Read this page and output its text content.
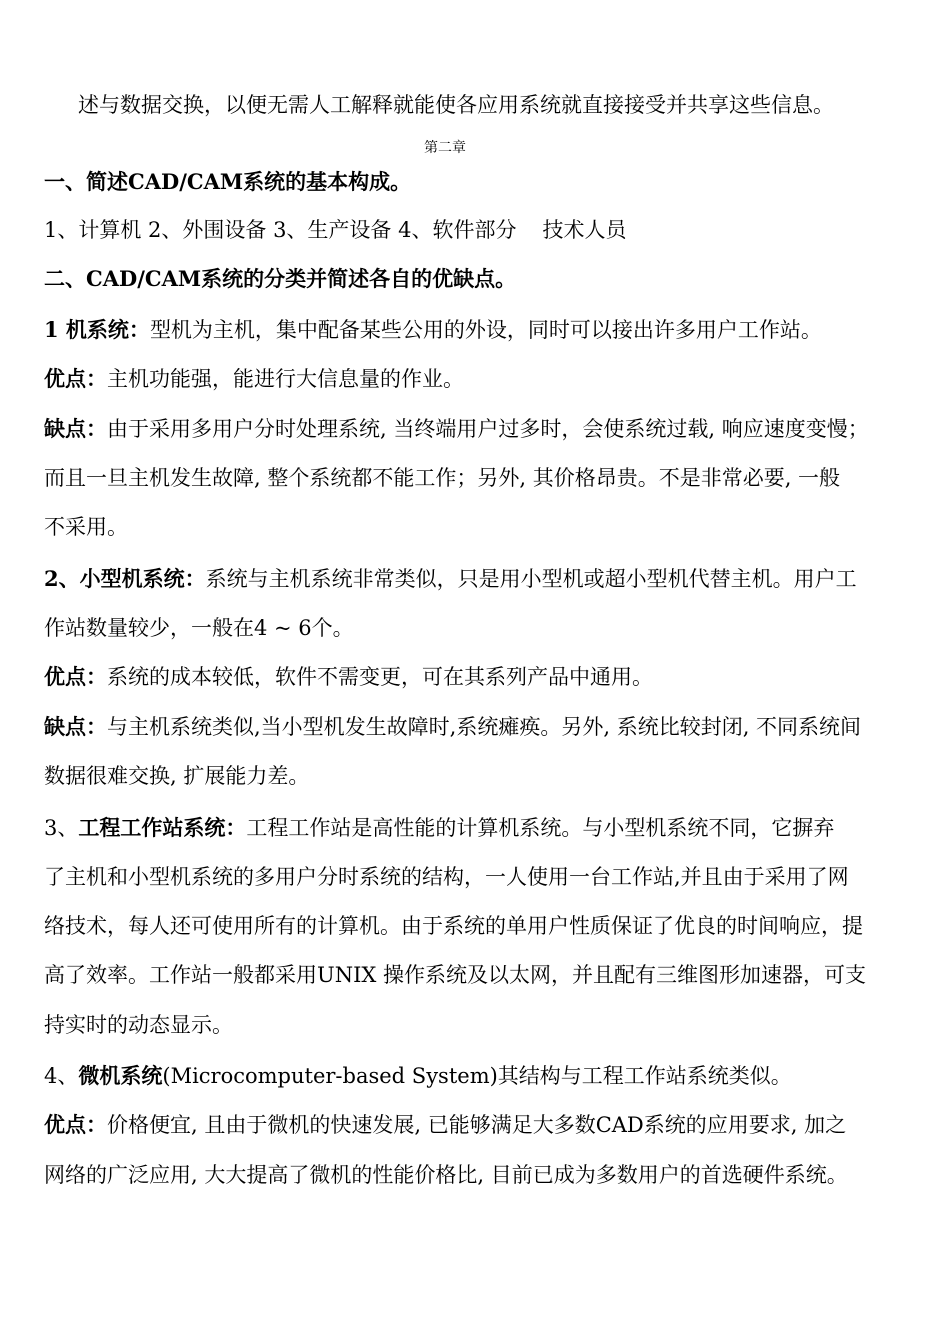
述与数据交换，以便无需人工解释就能使各应用系统就直接接受并共享这些信息。
第二章
一、简述CAD/CAM系统的基本构成。
1、计算机 2、外围设备 3、生产设备 4、软件部分 技术人员
二、CAD/CAM系统的分类并简述各自的优缺点。
1 机系统：型机为主机，集中配备某些公用的外设，同时可以接出许多用户工作站。
优点：主机功能强，能进行大信息量的作业。
缺点：由于采用多用户分时处理系统, 当终端用户过多时，会使系统过载, 响应速度变慢；
而且一旦主机发生故障, 整个系统都不能工作；另外, 其价格昂贵。不是非常必要, 一般
不采用。
2、小型机系统：系统与主机系统非常类似，只是用小型机或超小型机代替主机。用户工
作站数量较少，一般在4 ~ 6个。
优点：系统的成本较低，软件不需变更，可在其系列产品中通用。
缺点：与主机系统类似,当小型机发生故障时,系统瘫痪。另外, 系统比较封闭, 不同系统间
数据很难交换, 扩展能力差。
3、工程工作站系统：工程工作站是高性能的计算机系统。与小型机系统不同，它摒弃
了主机和小型机系统的多用户分时系统的结构，一人使用一台工作站,并且由于采用了网
络技术，每人还可使用所有的计算机。由于系统的单用户性质保证了优良的时间响应，提
高了效率。工作站一般都采用UNIX 操作系统及以太网，并且配有三维图形加速器，可支
持实时的动态显示。
4、微机系统(Microcomputer-based System)其结构与工程工作站系统类似。
优点：价格便宜, 且由于微机的快速发展, 已能够满足大多数CAD系统的应用要求, 加之
网络的广泛应用, 大大提高了微机的性能价格比, 目前已成为多数用户的首选硬件系统。
